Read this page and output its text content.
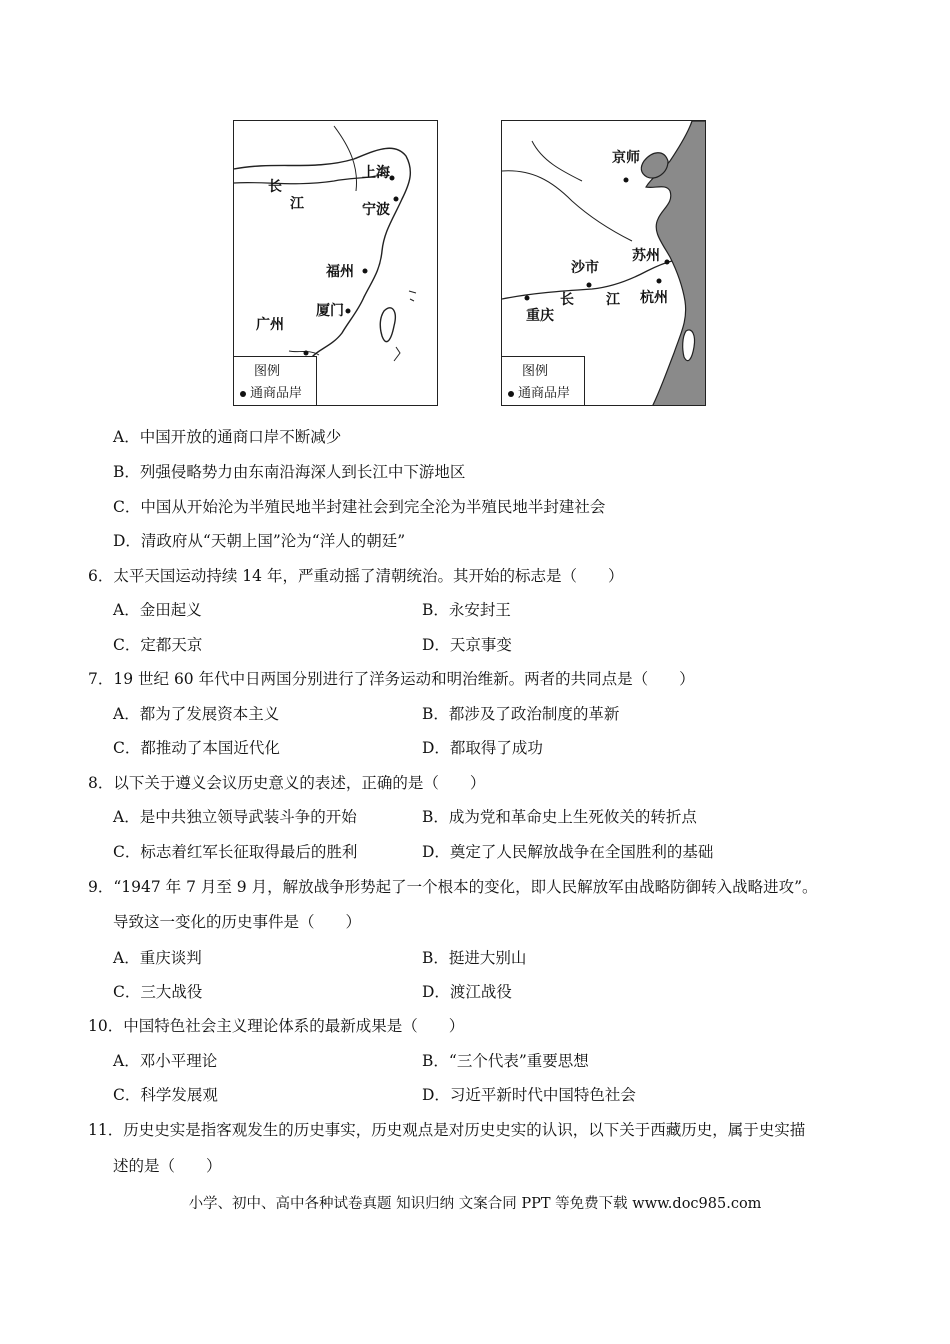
上海
宁波
福州
厦门
广州
长
江
图例
通商品岸
京师
沙市
苏州
重庆
杭州
长 江
图例
通商品岸
A．中国开放的通商口岸不断减少
B．列强侵略势力由东南沿海深人到长江中下游地区
C．中国从开始沦为半殖民地半封建社会到完全沦为半殖民地半封建社会
D．清政府从“天朝上国”沦为“洋人的朝廷”
6．太平天国运动持续 14 年，严重动摇了清朝统治。其开始的标志是（　　）
A．金田起义	B．永安封王
C．定都天京	D．天京事变
7．19 世纪 60 年代中日两国分别进行了洋务运动和明治维新。两者的共同点是（　　）
A．都为了发展资本主义	B．都涉及了政治制度的革新
C．都推动了本国近代化	D．都取得了成功
8．以下关于遵义会议历史意义的表述，正确的是（　　）
A．是中共独立领导武装斗争的开始	B．成为党和革命史上生死攸关的转折点
C．标志着红军长征取得最后的胜利	D．奠定了人民解放战争在全国胜利的基础
9．“1947 年 7 月至 9 月，解放战争形势起了一个根本的变化，即人民解放军由战略防御转入战略进攻”。
导致这一变化的历史事件是（　　）
A．重庆谈判	B．挺进大别山
C．三大战役	D．渡江战役
10．中国特色社会主义理论体系的最新成果是（　　）
A．邓小平理论	B．“三个代表”重要思想
C．科学发展观	D．习近平新时代中国特色社会
11．历史史实是指客观发生的历史事实，历史观点是对历史史实的认识，以下关于西藏历史，属于史实描
述的是（　　）
小学、初中、高中各种试卷真题 知识归纳 文案合同 PPT 等免费下载 www.doc985.com
